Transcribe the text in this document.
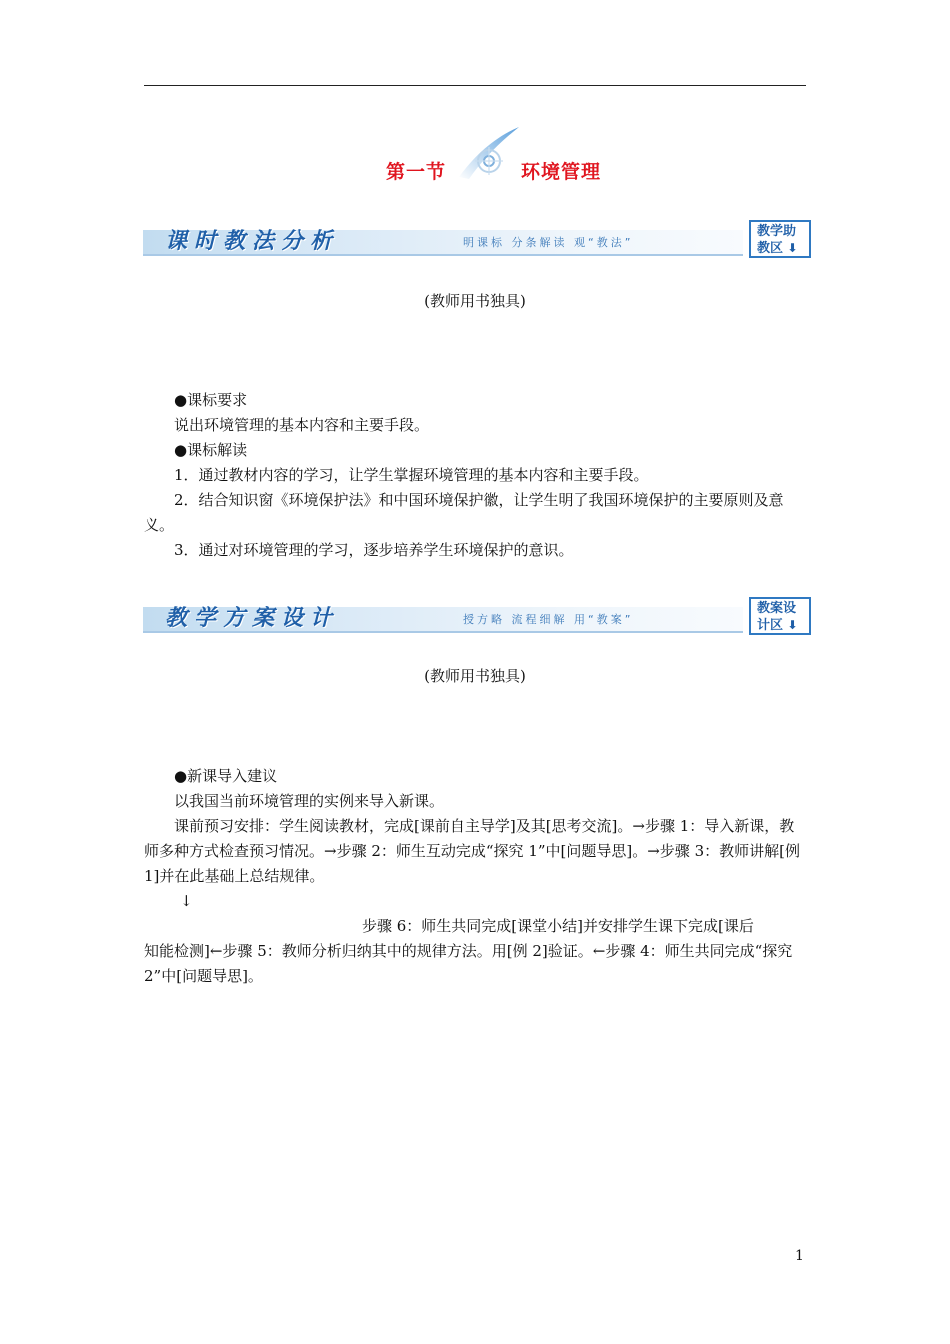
第一节	环境管理
课时教法分析	明课标 分条解读 观“教法”
教学助
教区 ⬇
(教师用书独具)

●课标要求

说出环境管理的基本内容和主要手段。

●课标解读

1．通过教材内容的学习，让学生掌握环境管理的基本内容和主要手段。

2．结合知识窗《环境保护法》和中国环境保护徽，让学生明了我国环境保护的主要原则及意义。

3．通过对环境管理的学习，逐步培养学生环境保护的意识。

教学方案设计	授方略 流程细解 用“教案”
教案设
计区 ⬇
(教师用书独具)

●新课导入建议

以我国当前环境管理的实例来导入新课。

课前预习安排：学生阅读教材，完成[课前自主导学]及其[思考交流]。→步骤 1：导入新课，教师多种方式检查预习情况。→步骤 2：师生互动完成“探究 1”中[问题导思]。→步骤 3：教师讲解[例 1]并在此基础上总结规律。

↓

步骤 6：师生共同完成[课堂小结]并安排学生课下完成[课后

知能检测]←步骤 5：教师分析归纳其中的规律方法。用[例 2]验证。←步骤 4：师生共同完成“探究 2”中[问题导思]。

1
